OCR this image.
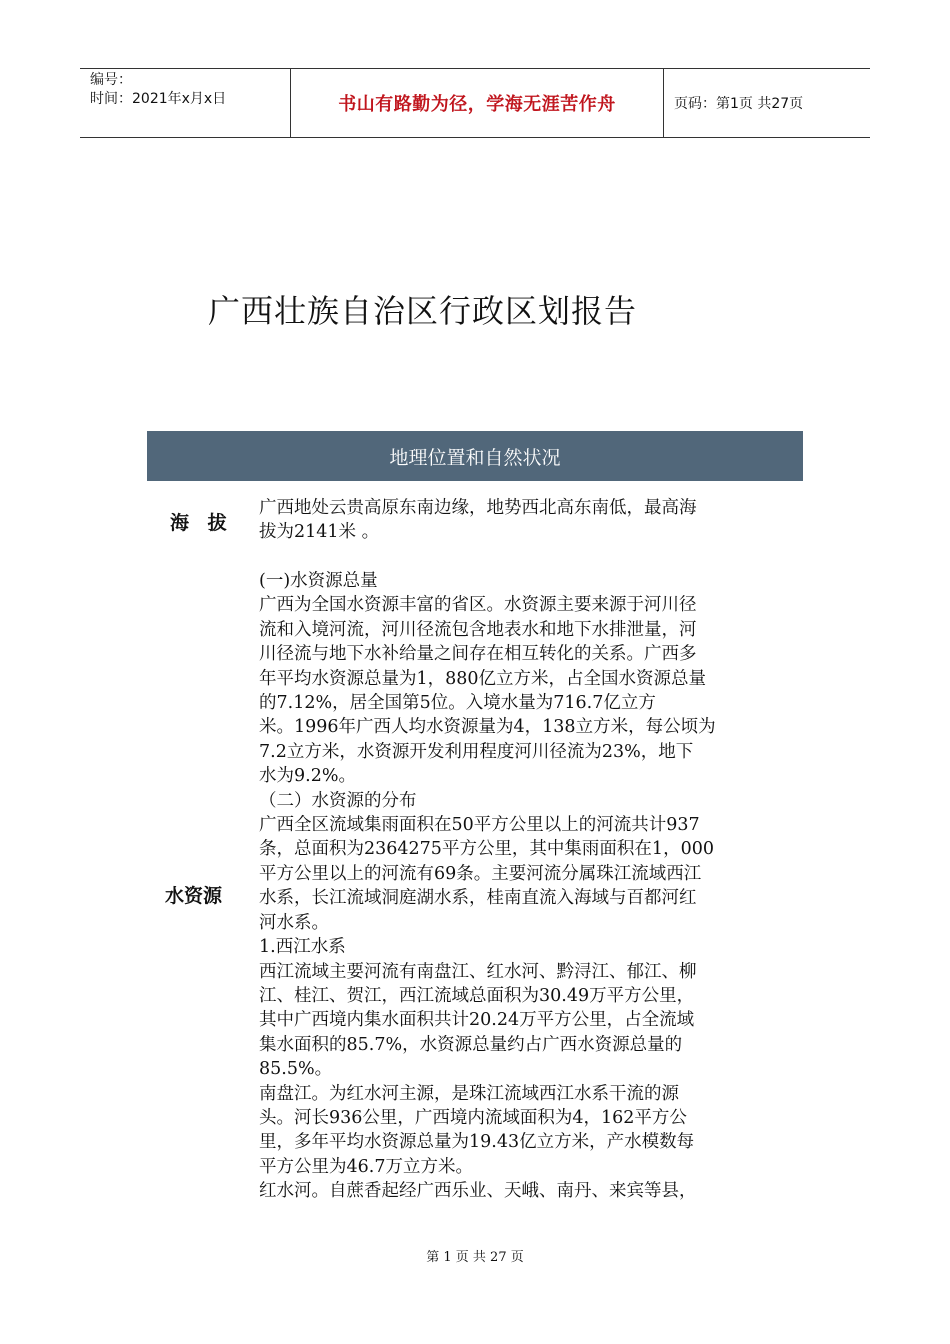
编号：
时间：2021年x月x日	书山有路勤为径，学海无涯苦作舟	页码：第1页 共27页
广西壮族自治区行政区划报告
地理位置和自然状况
海 拔
广西地处云贵高原东南边缘，地势西北高东南低，最高海
拔为2141米 。
水资源
(一)水资源总量
广西为全国水资源丰富的省区。水资源主要来源于河川径
流和入境河流，河川径流包含地表水和地下水排泄量，河
川径流与地下水补给量之间存在相互转化的关系。广西多
年平均水资源总量为1，880亿立方米，占全国水资源总量
的7.12%，居全国第5位。入境水量为716.7亿立方
米。1996年广西人均水资源量为4，138立方米，每公顷为
7.2立方米，水资源开发利用程度河川径流为23%，地下
水为9.2%。
（二）水资源的分布
广西全区流域集雨面积在50平方公里以上的河流共计937
条，总面积为2364275平方公里，其中集雨面积在1，000
平方公里以上的河流有69条。主要河流分属珠江流域西江
水系，长江流域洞庭湖水系，桂南直流入海域与百都河红
河水系。
1.西江水系
西江流域主要河流有南盘江、红水河、黔浔江、郁江、柳
江、桂江、贺江，西江流域总面积为30.49万平方公里，
其中广西境内集水面积共计20.24万平方公里，占全流域
集水面积的85.7%，水资源总量约占广西水资源总量的
85.5%。
南盘江。为红水河主源，是珠江流域西江水系干流的源
头。河长936公里，广西境内流域面积为4，162平方公
里，多年平均水资源总量为19.43亿立方米，产水模数每
平方公里为46.7万立方米。
红水河。自蔗香起经广西乐业、天峨、南丹、来宾等县，
第 1 页 共 27 页
